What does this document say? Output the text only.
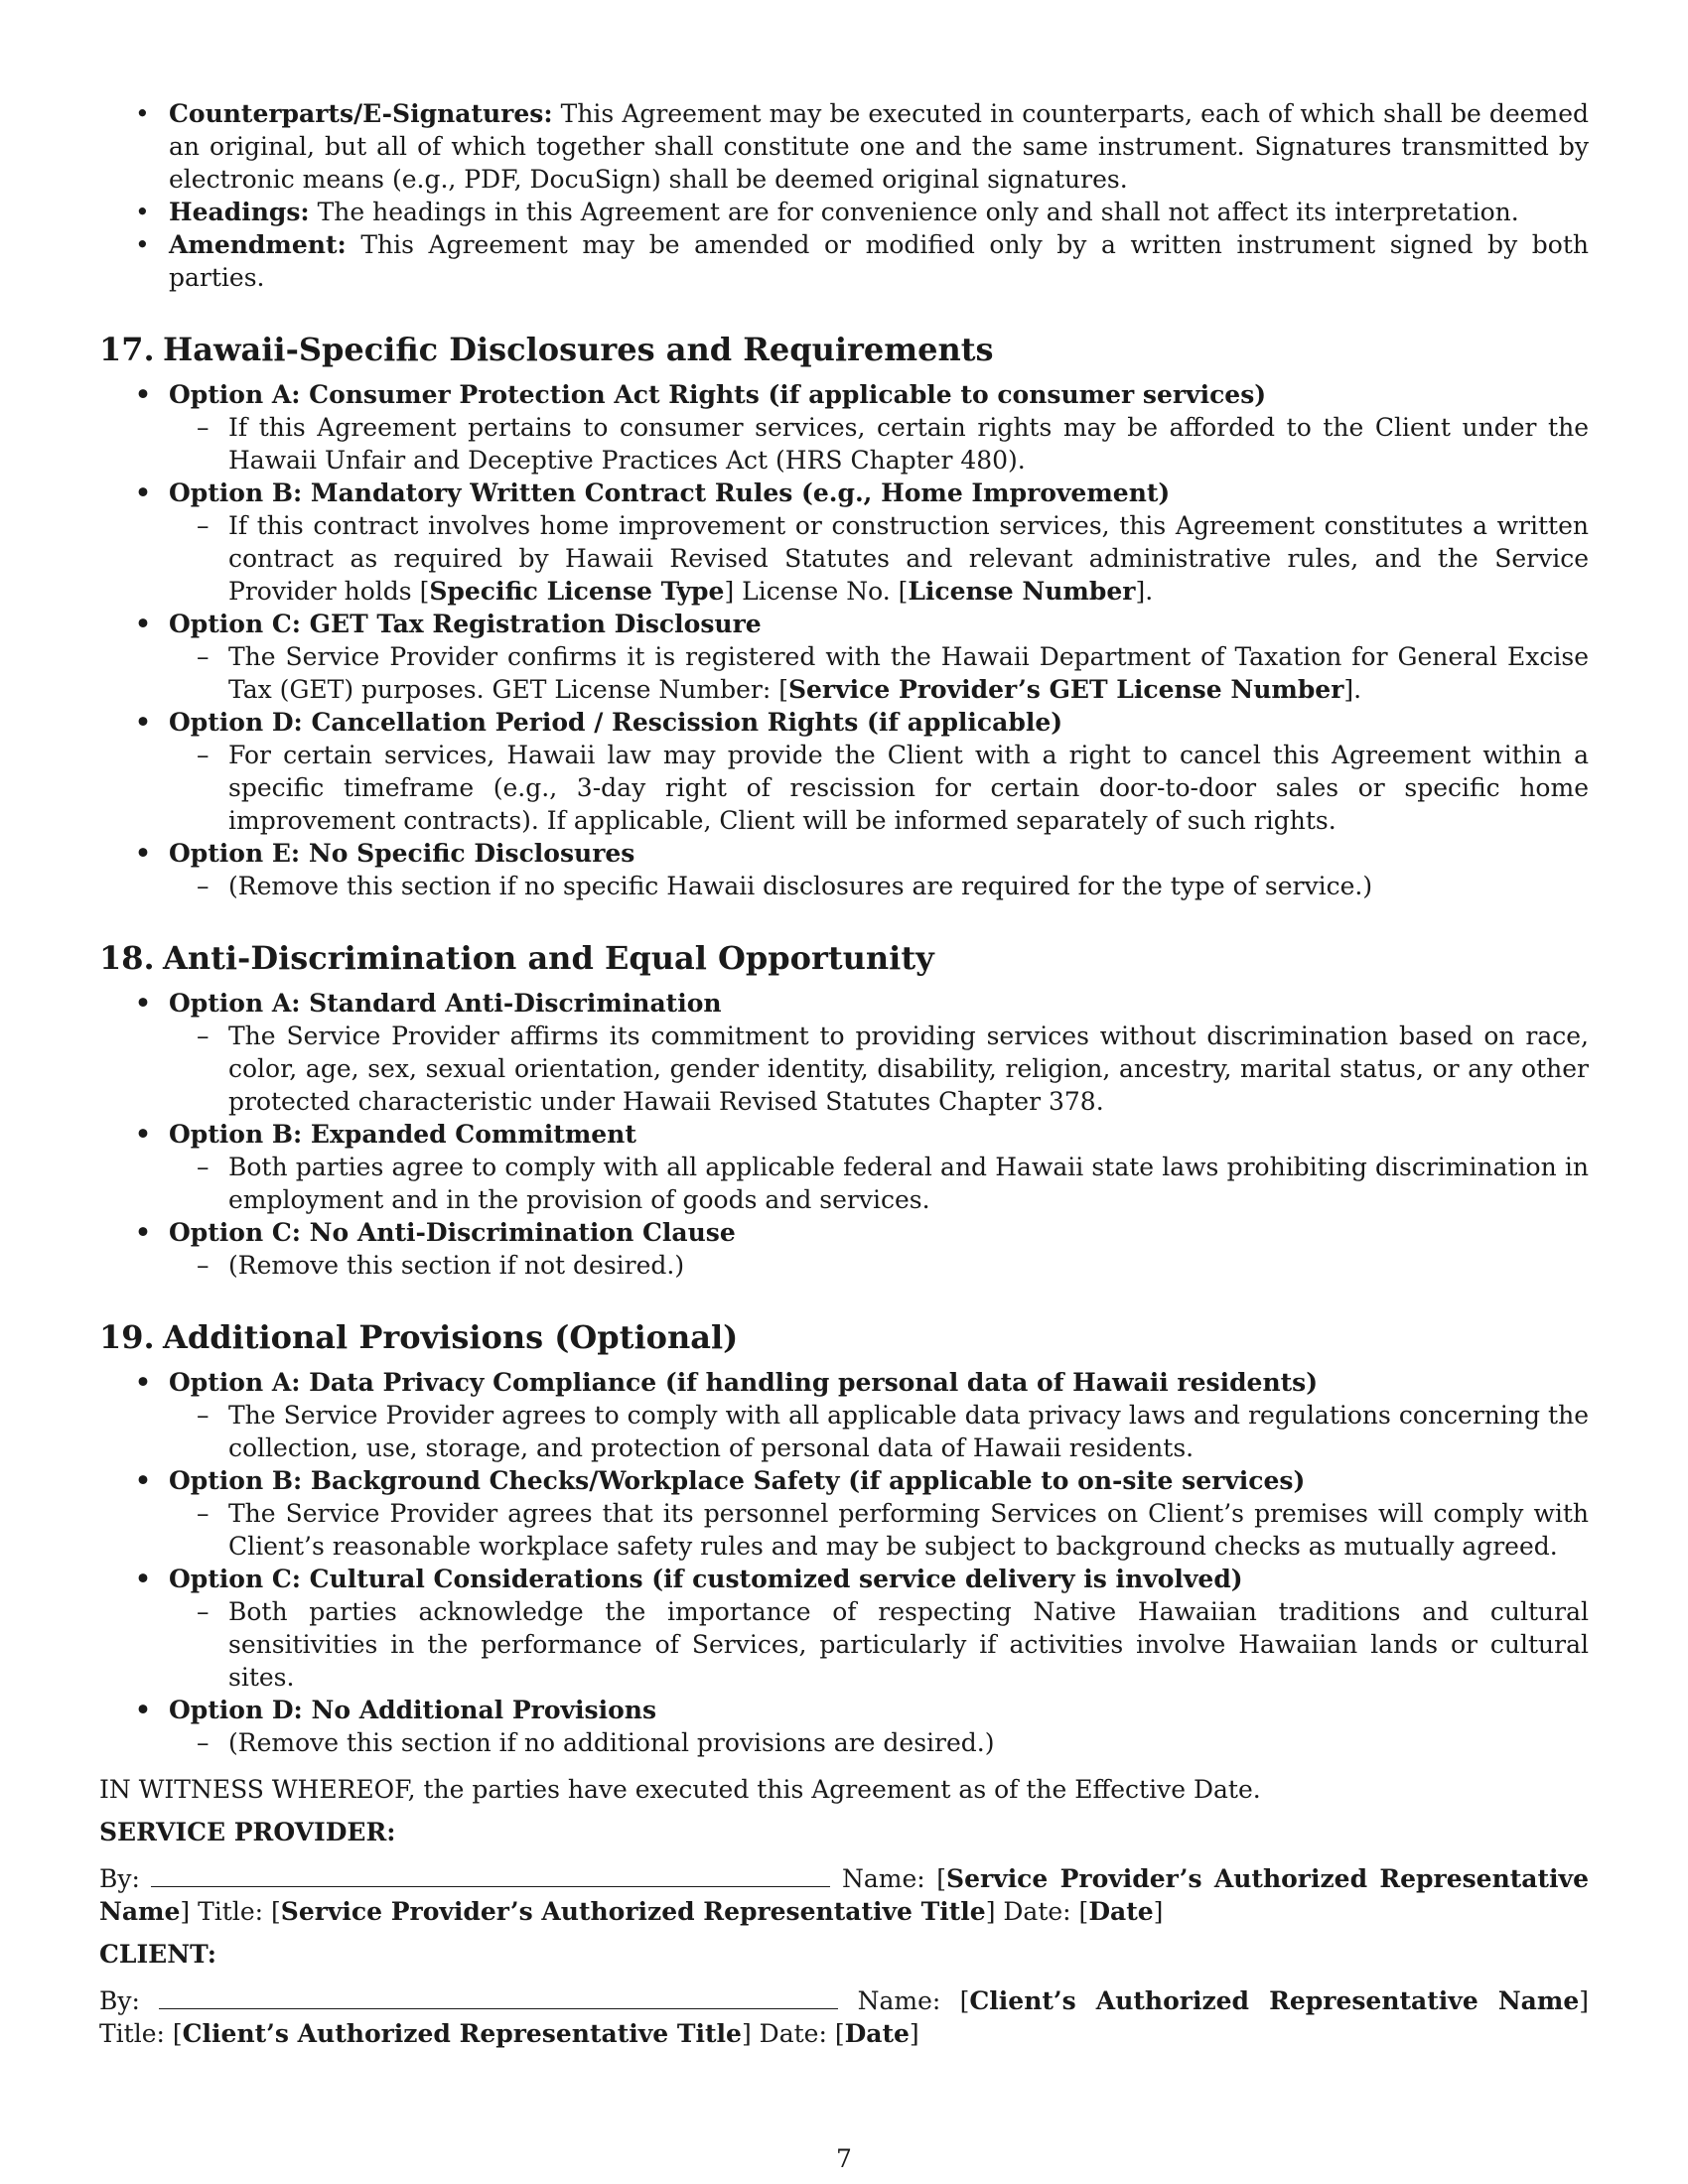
• Counterparts/E-Signatures: This Agreement may be executed in counterparts, each of which shall be deemed an original, but all of which together shall constitute one and the same instrument. Signatures transmitted by electronic means (e.g., PDF, DocuSign) shall be deemed original signatures.
• Headings: The headings in this Agreement are for convenience only and shall not affect its interpretation.
• Amendment: This Agreement may be amended or modified only by a written instrument signed by both parties.
17. Hawaii-Specific Disclosures and Requirements
• Option A: Consumer Protection Act Rights (if applicable to consumer services)
– If this Agreement pertains to consumer services, certain rights may be afforded to the Client under the Hawaii Unfair and Deceptive Practices Act (HRS Chapter 480).
• Option B: Mandatory Written Contract Rules (e.g., Home Improvement)
– If this contract involves home improvement or construction services, this Agreement constitutes a written contract as required by Hawaii Revised Statutes and relevant administrative rules, and the Service Provider holds [Specific License Type] License No. [License Number].
• Option C: GET Tax Registration Disclosure
– The Service Provider confirms it is registered with the Hawaii Department of Taxation for General Excise Tax (GET) purposes. GET License Number: [Service Provider’s GET License Number].
• Option D: Cancellation Period / Rescission Rights (if applicable)
– For certain services, Hawaii law may provide the Client with a right to cancel this Agreement within a specific timeframe (e.g., 3-day right of rescission for certain door-to-door sales or specific home improvement contracts). If applicable, Client will be informed separately of such rights.
• Option E: No Specific Disclosures
– (Remove this section if no specific Hawaii disclosures are required for the type of service.)
18. Anti-Discrimination and Equal Opportunity
• Option A: Standard Anti-Discrimination
– The Service Provider affirms its commitment to providing services without discrimination based on race, color, age, sex, sexual orientation, gender identity, disability, religion, ancestry, marital status, or any other protected characteristic under Hawaii Revised Statutes Chapter 378.
• Option B: Expanded Commitment
– Both parties agree to comply with all applicable federal and Hawaii state laws prohibiting discrimination in employment and in the provision of goods and services.
• Option C: No Anti-Discrimination Clause
– (Remove this section if not desired.)
19. Additional Provisions (Optional)
• Option A: Data Privacy Compliance (if handling personal data of Hawaii residents)
– The Service Provider agrees to comply with all applicable data privacy laws and regulations concerning the collection, use, storage, and protection of personal data of Hawaii residents.
• Option B: Background Checks/Workplace Safety (if applicable to on-site services)
– The Service Provider agrees that its personnel performing Services on Client’s premises will comply with Client’s reasonable workplace safety rules and may be subject to background checks as mutually agreed.
• Option C: Cultural Considerations (if customized service delivery is involved)
– Both parties acknowledge the importance of respecting Native Hawaiian traditions and cultural sensitivities in the performance of Services, particularly if activities involve Hawaiian lands or cultural sites.
• Option D: No Additional Provisions
– (Remove this section if no additional provisions are desired.)

IN WITNESS WHEREOF, the parties have executed this Agreement as of the Effective Date.

SERVICE PROVIDER:

By:	Name: [Service Provider’s Authorized Representative Name] Title: [Service Provider’s Authorized Representative Title] Date: [Date]

CLIENT:

By:	Name: [Client’s Authorized Representative Name] Title: [Client’s Authorized Representative Title] Date: [Date]

7
